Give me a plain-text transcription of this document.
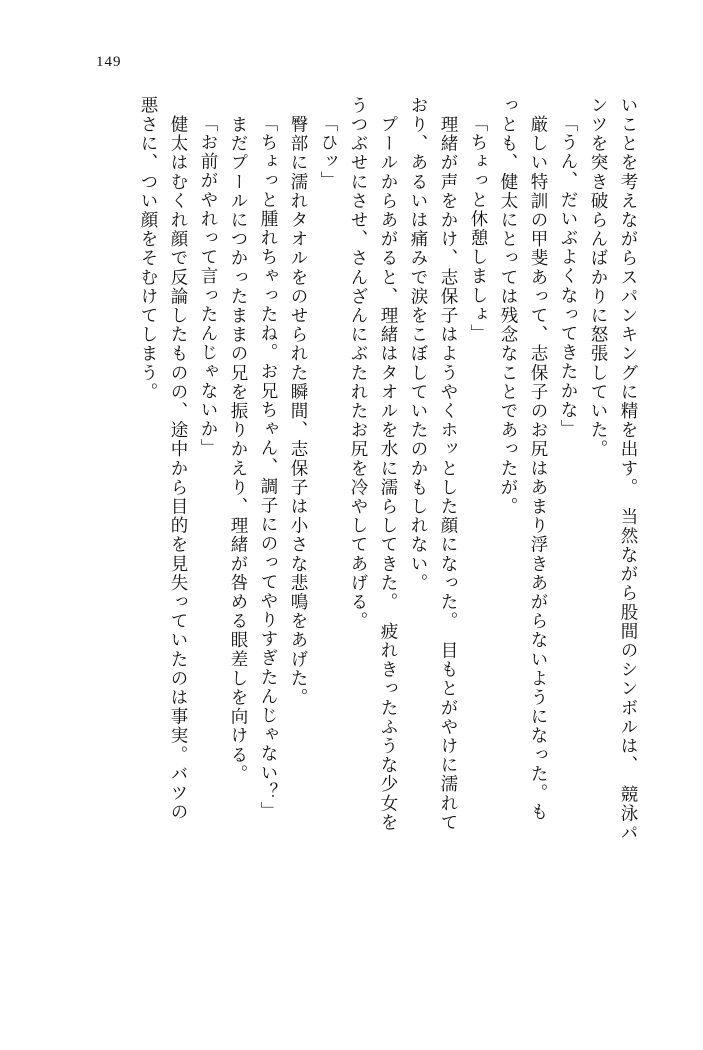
149
いことを考えながらスパンキングに精を出す。　当然ながら股間のシンボルは、　競泳パ
ンツを突き破らんばかりに怒張していた。
「うん、だいぶよくなってきたかな」
　厳しい特訓の甲斐あって、志保子のお尻はあまり浮きあがらないようになった。も
っとも、健太にとっては残念なことであったが。
「ちょっと休憩しましょ」
　理緒が声をかけ、志保子はようやくホッとした顔になった。　目もとがやけに濡れて
おり、あるいは痛みで涙をこぼしていたのかもしれない。
　プールからあがると、理緒はタオルを水に濡らしてきた。　疲れきったふうな少女を
うつぶせにさせ、さんざんにぶたれたお尻を冷やしてあげる。
「ひッ」
　臀部に濡れタオルをのせられた瞬間、志保子は小さな悲鳴をあげた。
「ちょっと腫れちゃったね。お兄ちゃん、調子にのってやりすぎたんじゃない？」
　まだプールにつかったままの兄を振りかえり、理緒が咎める眼差しを向ける。
「お前がやれって言ったんじゃないか」
　健太はむくれ顔で反論したものの、途中から目的を見失っていたのは事実。バツの
悪さに、つい顔をそむけてしまう。
